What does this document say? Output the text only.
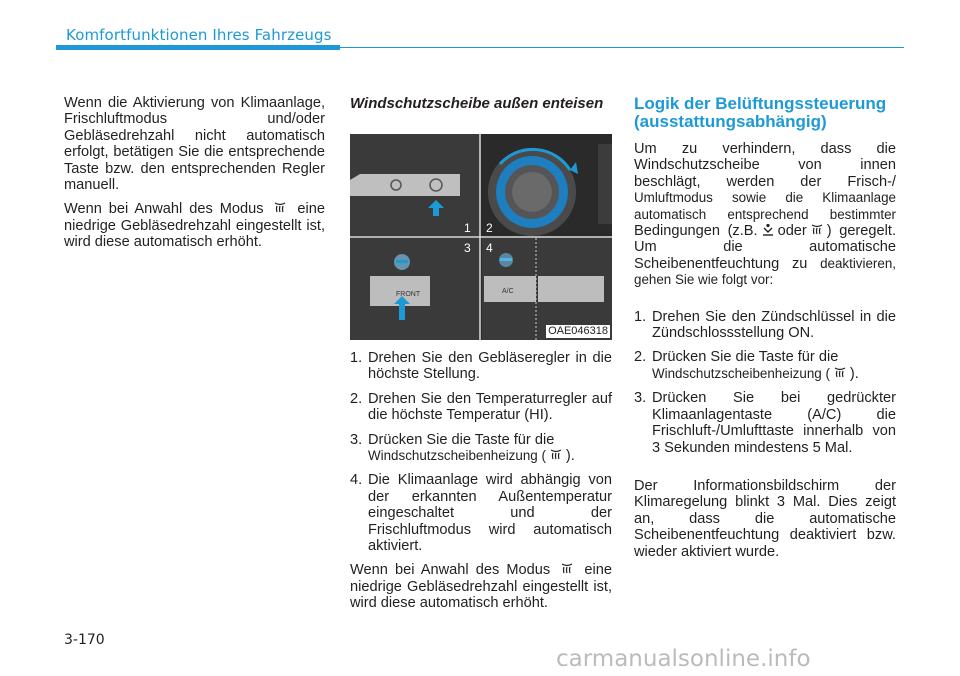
Komfortfunktionen Ihres Fahrzeugs

Wenn die Aktivierung von Klimaanlage, Frischluftmodus und/oder Gebläsedrehzahl nicht automatisch erfolgt, betätigen Sie die entsprechende Taste bzw. den entsprechenden Regler manuell.

Wenn bei Anwahl des Modus eine niedrige Gebläsedrehzahl eingestellt ist, wird diese automatisch erhöht.

Windschutzscheibe außen enteisen
1 2
3 4
FRONT	A/C
OAE046318
1. Drehen Sie den Gebläseregler in die höchste Stellung.
2. Drehen Sie den Temperaturregler auf die höchste Temperatur (HI).
3. Drücken Sie die Taste für die
Windschutzscheibenheizung ( ).
4. Die Klimaanlage wird abhängig von der erkannten Außentemperatur eingeschaltet und der Frischluftmodus wird automatisch aktiviert.

Wenn bei Anwahl des Modus eine niedrige Gebläsedrehzahl eingestellt ist, wird diese automatisch erhöht.

Logik der Belüftungssteuerung (ausstattungsabhängig)

Um zu verhindern, dass die Windschutzscheibe von innen beschlägt, werden der Frisch-/ Umluftmodus sowie die Klimaanlage automatisch entsprechend bestimmter Bedingungen (z.B. oder ) geregelt. Um die automatische Scheibenentfeuchtung zu deaktivieren, gehen Sie wie folgt vor:

1. Drehen Sie den Zündschlüssel in die Zündschlossstellung ON.
2. Drücken Sie die Taste für die
Windschutzscheibenheizung ( ).
3. Drücken Sie bei gedrückter Klimaanlagentaste (A/C) die Frischluft-/Umlufttaste innerhalb von 3 Sekunden mindestens 5 Mal.

Der Informationsbildschirm der Klimaregelung blinkt 3 Mal. Dies zeigt an, dass die automatische Scheibenentfeuchtung deaktiviert bzw. wieder aktiviert wurde.

3-170
carmanualsonline.info
